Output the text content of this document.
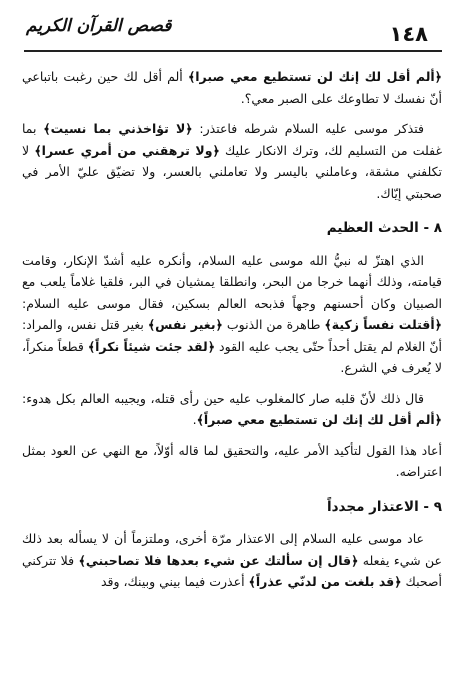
١٤٨
قصص القرآن الكريم

﴿ألم أقل لك إنك لن تستطيع معي صبرا﴾ ألم أقل لك حين رغبت باتباعي أنّ نفسك لا تطاوعك على الصبر معي؟.

فتذكر موسى عليه السلام شرطه فاعتذر: ﴿لا تؤاخذني بما نسيت﴾ بما غفلت من التسليم لك، وترك الانكار عليك ﴿ولا ترهقني من أمري عسرا﴾ لا تكلفني مشقة، وعاملني باليسر ولا تعاملني بالعسر، ولا تضيّق عليّ الأمر في صحبتي إيّاك.

٨ - الحدث العظيم

الذي اهتزّ له نبيُّ الله موسى عليه السلام، وأنكره عليه أشدّ الإنكار، وقامت قيامته، وذلك أنهما خرجا من البحر، وانطلقا يمشيان في البر، فلقيا غلاماً يلعب مع الصبيان وكان أحسنهم وجهاً فذبحه العالم بسكين، فقال موسى عليه السلام: ﴿أقتلت نفساً زكية﴾ طاهرة من الذنوب ﴿بغير نفس﴾ بغير قتل نفس، والمراد: أنّ الغلام لم يقتل أحداً حتّى يجب عليه القود ﴿لقد جئت شيئاً نكراً﴾ قطعاً منكراً، لا يُعرف في الشرع.

قال ذلك لأنّ قلبه صار كالمغلوب عليه حين رأى قتله، ويجيبه العالم بكل هدوء: ﴿ألم أقل لك إنك لن تستطيع معي صبراً﴾.

أعاد هذا القول لتأكيد الأمر عليه، والتحقيق لما قاله أوّلاً، مع النهي عن العود بمثل اعتراضه.

٩ - الاعتذار مجدداً

عاد موسى عليه السلام إلى الاعتذار مرّة أخرى، وملتزماً أن لا يسأله بعد ذلك عن شيء يفعله ﴿قال إن سألتك عن شيء بعدها فلا تصاحبني﴾ فلا تتركني أصحبك ﴿قد بلغت من لدنّي عذراً﴾ أعذرت فيما بيني وبينك، وقد
